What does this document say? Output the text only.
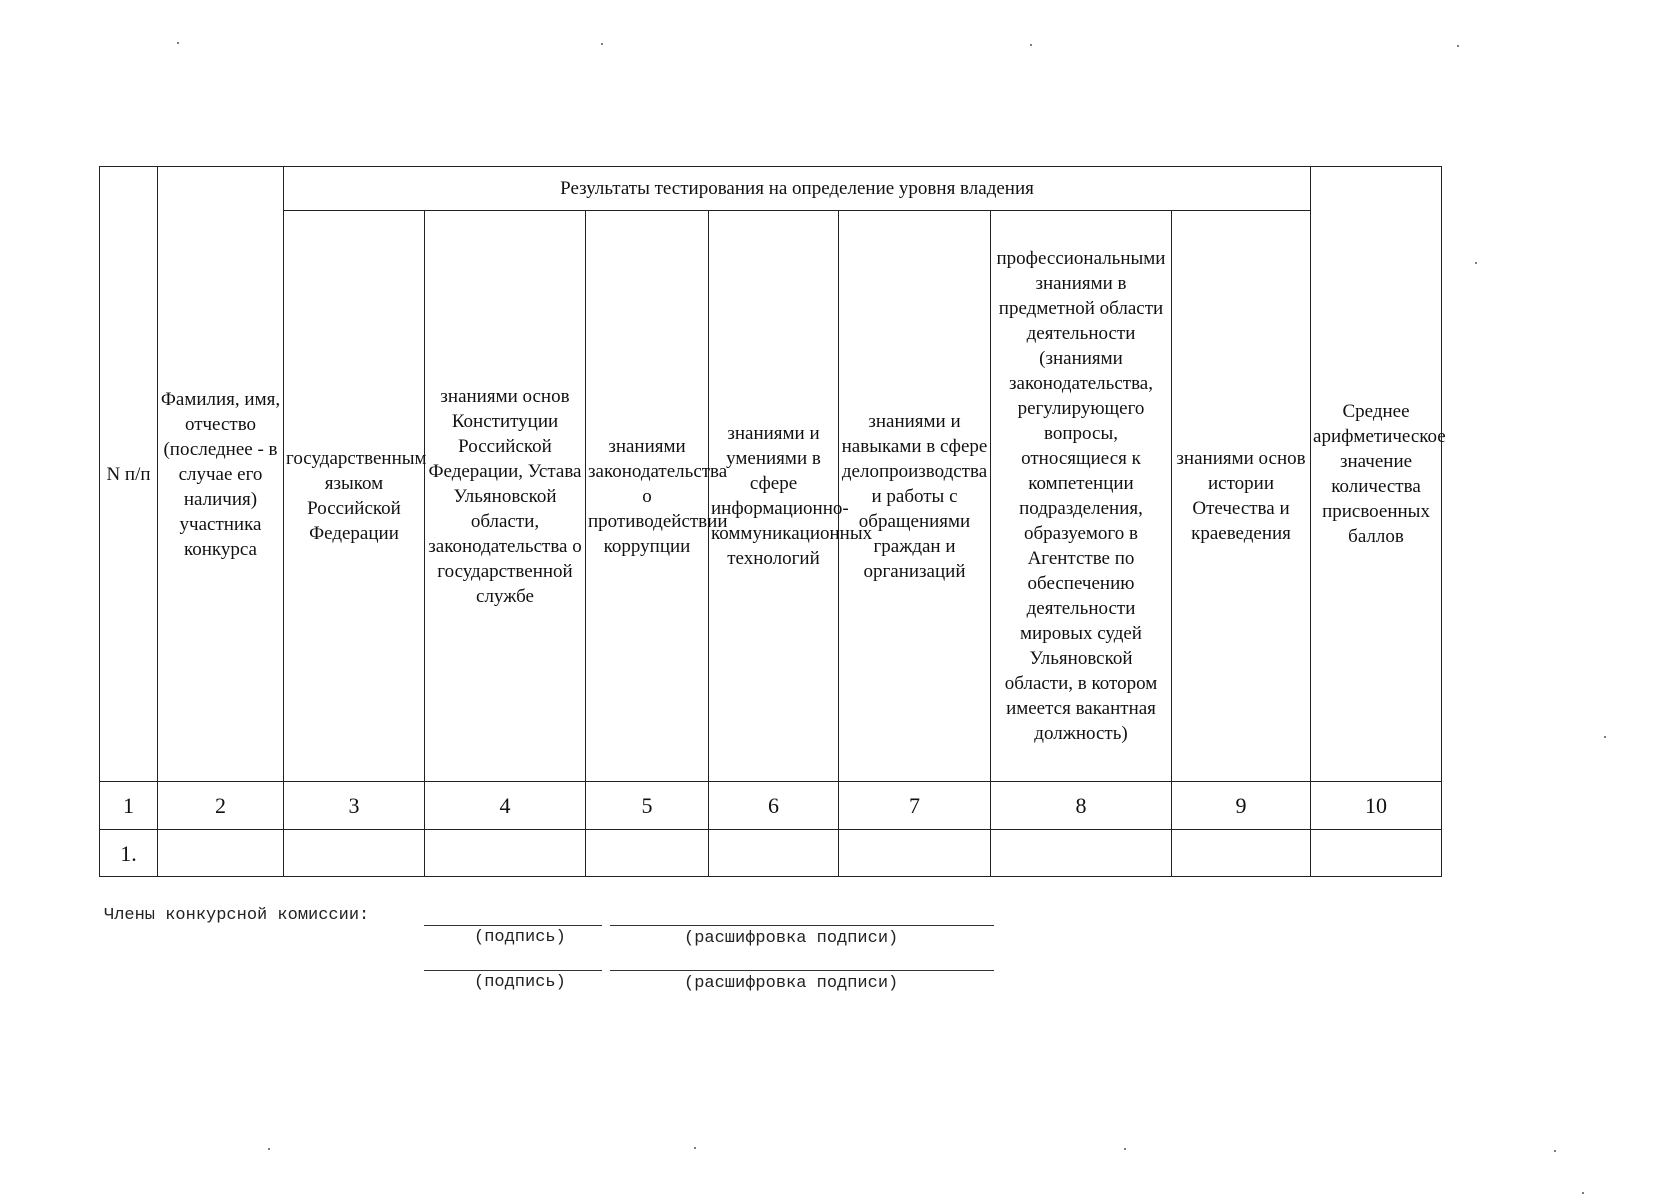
N п/п	Фамилия, имя, отчество (последнее - в случае его наличия) участника конкурса	Результаты тестирования на определение уровня владения							Среднее арифметическое значение количества присвоенных баллов
		государственным языком Российской Федерации	знаниями основ Конституции Российской Федерации, Устава Ульяновской области, законодательства о государственной службе	знаниями законодательства о противодействии коррупции	знаниями и умениями в сфере информационно-коммуникационных технологий	знаниями и навыками в сфере делопроизводства и работы с обращениями граждан и организаций	профессиональными знаниями в предметной области деятельности (знаниями законодательства, регулирующего вопросы, относящиеся к компетенции подразделения, образуемого в Агентстве по обеспечению деятельности мировых судей Ульяновской области, в котором имеется вакантная должность)	знаниями основ истории Отечества и краеведения	
1	2	3	4	5	6	7	8	9	10
1.									
Члены конкурсной комиссии:
(подпись)	(расшифровка подписи)
(подпись)	(расшифровка подписи)
